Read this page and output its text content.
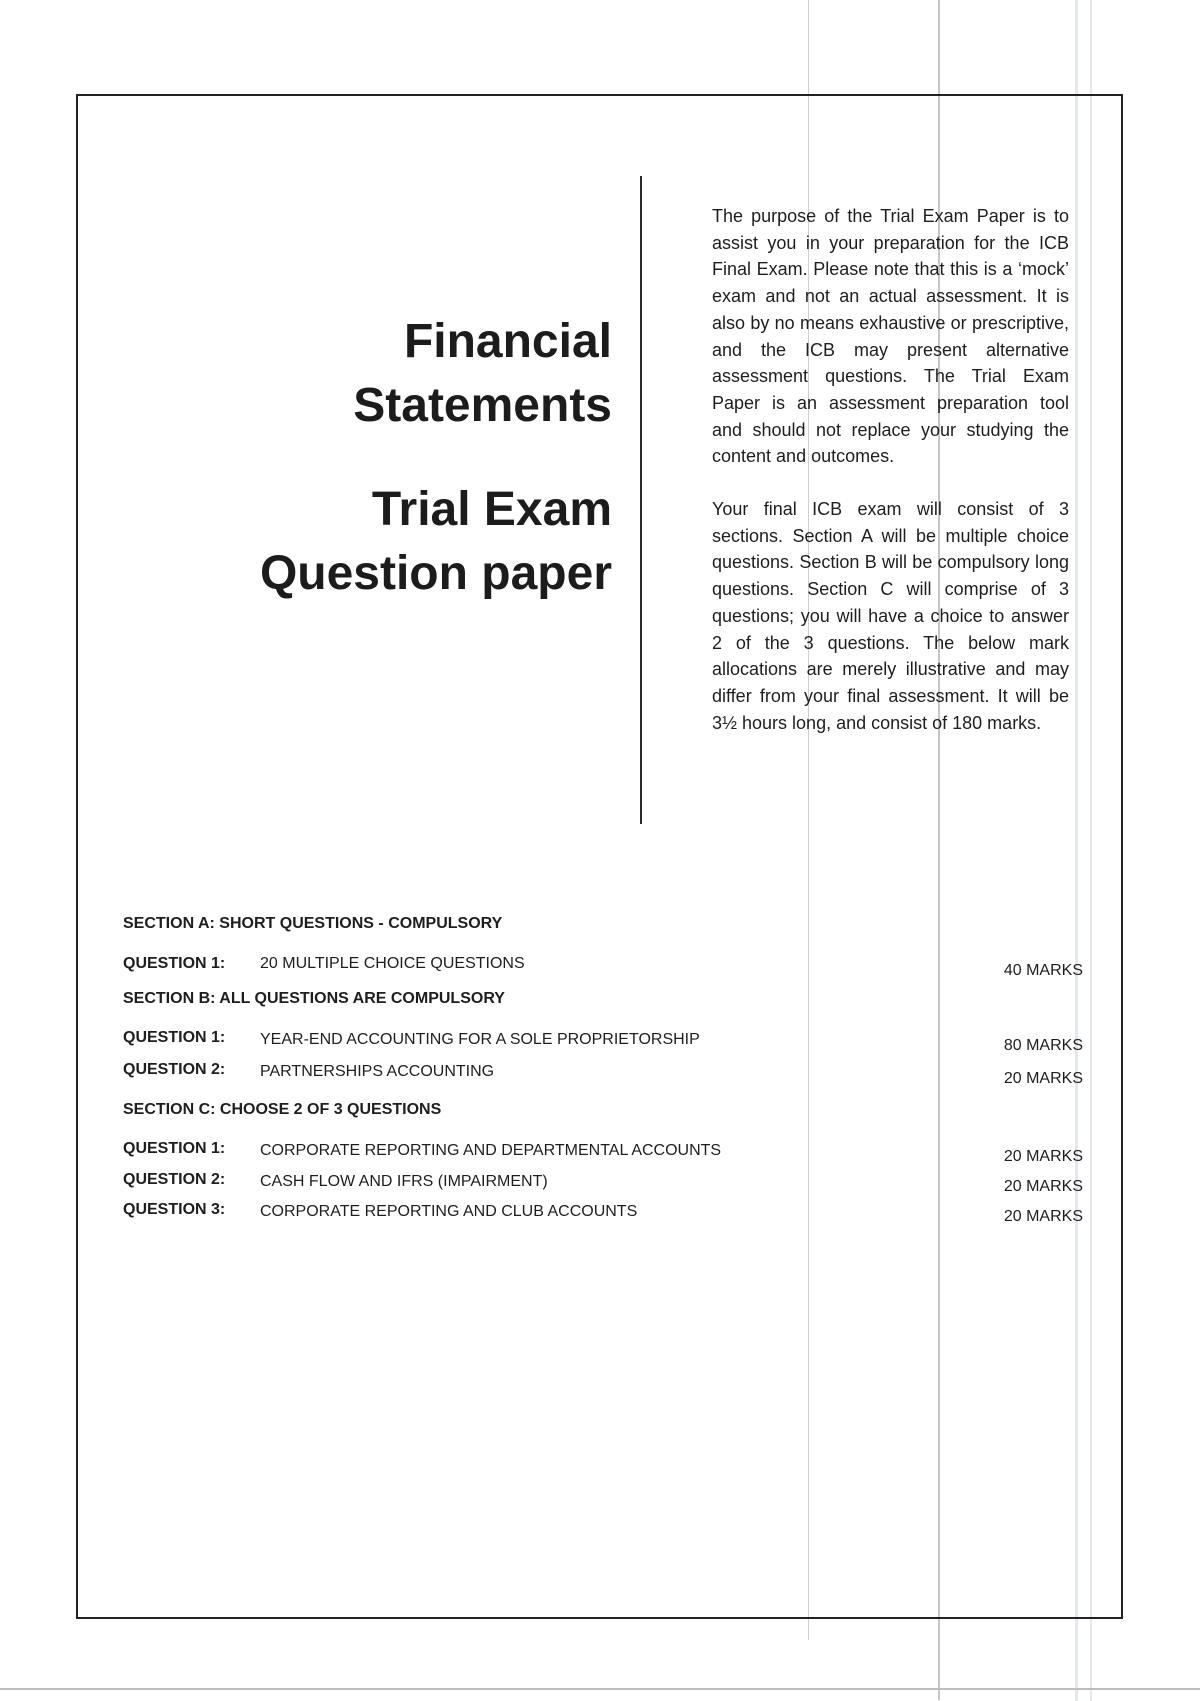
Financial
Statements
Trial Exam
Question paper

The purpose of the Trial Exam Paper is to assist you in your preparation for the ICB Final Exam. Please note that this is a ‘mock’ exam and not an actual assessment. It is also by no means exhaustive or prescriptive, and the ICB may present alternative assessment questions. The Trial Exam Paper is an assessment preparation tool and should not replace your studying the content and outcomes.

Your final ICB exam will consist of 3 sections. Section A will be multiple choice questions. Section B will be compulsory long questions. Section C will comprise of 3 questions; you will have a choice to answer 2 of the 3 questions. The below mark allocations are merely illustrative and may differ from your final assessment. It will be 3½ hours long, and consist of 180 marks.

SECTION A: SHORT QUESTIONS - COMPULSORY
QUESTION 1: 20 MULTIPLE CHOICE QUESTIONS	40 MARKS
SECTION B: ALL QUESTIONS ARE COMPULSORY
QUESTION 1: YEAR-END ACCOUNTING FOR A SOLE PROPRIETORSHIP	80 MARKS
QUESTION 2: PARTNERSHIPS ACCOUNTING	20 MARKS
SECTION C: CHOOSE 2 OF 3 QUESTIONS
QUESTION 1: CORPORATE REPORTING AND DEPARTMENTAL ACCOUNTS	20 MARKS
QUESTION 2: CASH FLOW AND IFRS (IMPAIRMENT)	20 MARKS
QUESTION 3: CORPORATE REPORTING AND CLUB ACCOUNTS	20 MARKS
